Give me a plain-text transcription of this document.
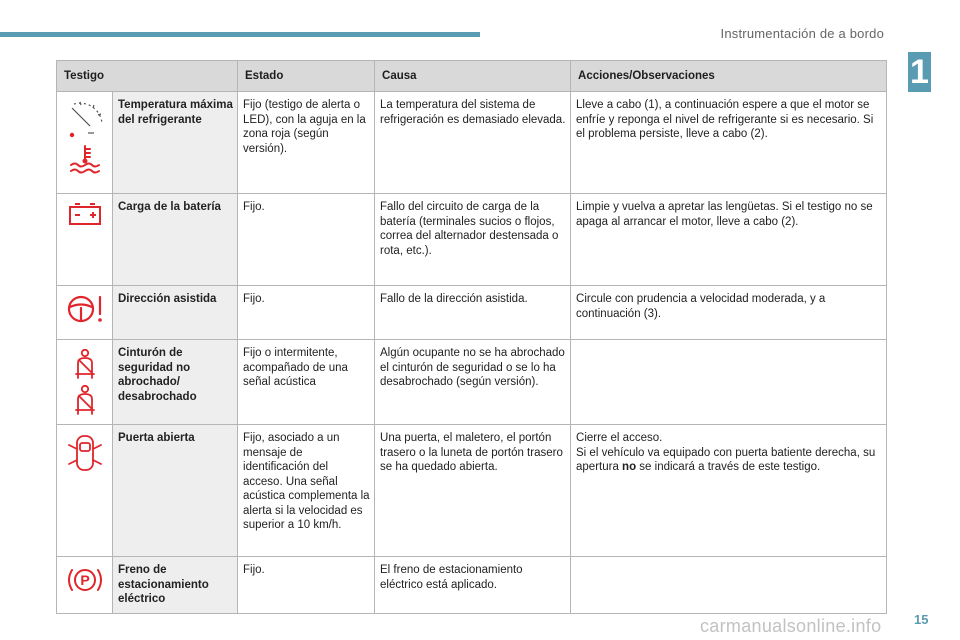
Instrumentación de a bordo
1
Testigo		Estado	Causa	Acciones/Observaciones

	Temperatura máxima del refrigerante	Fijo (testigo de alerta o LED), con la aguja en la zona roja (según versión).	La temperatura del sistema de refrigeración es demasiado elevada.	Lleve a cabo (1), a continuación espere a que el motor se enfríe y reponga el nivel de refrigerante si es necesario. Si el problema persiste, lleve a cabo (2).

	Carga de la batería	Fijo.	Fallo del circuito de carga de la batería (terminales sucios o flojos, correa del alternador destensada o rota, etc.).	Limpie y vuelva a apretar las lengüetas. Si el testigo no se apaga al arrancar el motor, lleve a cabo (2).

	Dirección asistida	Fijo.	Fallo de la dirección asistida.	Circule con prudencia a velocidad moderada, y a continuación (3).

	Cinturón de seguridad no abrochado/ desabrochado	Fijo o intermitente, acompañado de una señal acústica	Algún ocupante no se ha abrochado el cinturón de seguridad o se lo ha desabrochado (según versión).	

	Puerta abierta	Fijo, asociado a un mensaje de identificación del acceso. Una señal acústica complementa la alerta si la velocidad es superior a 10 km/h.	Una puerta, el maletero, el portón trasero o la luneta de portón trasero se ha quedado abierta.	Cierre el acceso.
Si el vehículo va equipado con puerta batiente derecha, su apertura no se indicará a través de este testigo.

P	Freno de estacionamiento eléctrico	Fijo.	El freno de estacionamiento eléctrico está aplicado.	
carmanualsonline.info	15
